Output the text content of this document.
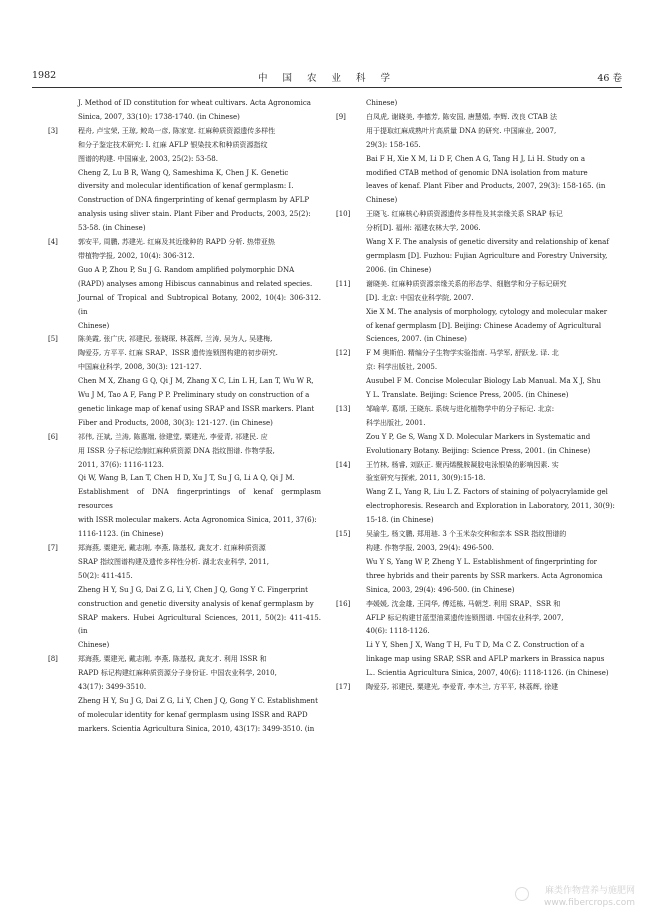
1982	中 国 农 业 科 学	46 卷
J. Method of ID constitution for wheat cultivars. Acta Agronomica
Sinica, 2007, 33(10): 1738-1740. (in Chinese)
[3]	程舟, 卢宝荣, 王琼, 鲛岛一彦, 陈家宽. 红麻种质资源遗传多样性
和分子鉴定技术研究: I. 红麻 AFLP 银染技术和种质资源指纹
图谱的构建. 中国麻业, 2003, 25(2): 53-58.
Cheng Z, Lu B R, Wang Q, Sameshima K, Chen J K. Genetic
diversity and molecular identification of kenaf germplasm: I.
Construction of DNA fingerprinting of kenaf germplasm by AFLP
analysis using sliver stain. Plant Fiber and Products, 2003, 25(2):
53-58. (in Chinese)
[4]	郭安平, 周鹏, 苏建光. 红麻及其近缘种的 RAPD 分析. 热带亚热
带植物学报, 2002, 10(4): 306-312.
Guo A P, Zhou P, Su J G. Random amplified polymorphic DNA
(RAPD) analyses among Hibiscus cannabinus and related species.
Journal of Tropical and Subtropical Botany, 2002, 10(4): 306-312. (in
Chinese)
[5]	陈美霞, 张广庆, 祁建民, 张晓琛, 林荔辉, 兰涛, 吴为人, 吴建梅,
陶爱芬, 方平平. 红麻 SRAP、ISSR 遗传连锁图构建的初步研究.
中国麻业科学, 2008, 30(3): 121-127.
Chen M X, Zhang G Q, Qi J M, Zhang X C, Lin L H, Lan T, Wu W R,
Wu J M, Tao A F, Fang P P. Preliminary study on construction of a
genetic linkage map of kenaf using SRAP and ISSR markers. Plant
Fiber and Products, 2008, 30(3): 121-127. (in Chinese)
[6]	祁伟, 汪斌, 兰涛, 陈惠端, 徐建堂, 粟建光, 李爱青, 祁建民. 应
用 ISSR 分子标记绘制红麻种质资源 DNA 指纹图谱. 作物学报,
2011, 37(6): 1116-1123.
Qi W, Wang B, Lan T, Chen H D, Xu J T, Su J G, Li A Q, Qi J M.
Establishment of DNA fingerprintings of kenaf germplasm resources
with ISSR molecular makers. Acta Agronomica Sinica, 2011, 37(6):
1116-1123. (in Chinese)
[7]	郑海燕, 粟建光, 戴志刚, 李燕, 陈基权, 龚友才. 红麻种质资源
SRAP 指纹图谱构建及遗传多样性分析. 湖北农业科学, 2011,
50(2): 411-415.
Zheng H Y, Su J G, Dai Z G, Li Y, Chen J Q, Gong Y C. Fingerprint
construction and genetic diversity analysis of kenaf germplasm by
SRAP makers. Hubei Agricultural Sciences, 2011, 50(2): 411-415. (in
Chinese)
[8]	郑海燕, 粟建光, 戴志刚, 李燕, 陈基权, 龚友才. 利用 ISSR 和
RAPD 标记构建红麻种质资源分子身份证. 中国农业科学, 2010,
43(17): 3499-3510.
Zheng H Y, Su J G, Dai Z G, Li Y, Chen J Q, Gong Y C. Establishment
of molecular identity for kenaf germplasm using ISSR and RAPD
markers. Scientia Agricultura Sinica, 2010, 43(17): 3499-3510. (in
Chinese)
[9]	白凤虎, 谢晓美, 李德芳, 陈安国, 唐慧娟, 李辉. 改良 CTAB 法
用于提取红麻成熟叶片高质量 DNA 的研究. 中国麻业, 2007,
29(3): 158-165.
Bai F H, Xie X M, Li D F, Chen A G, Tang H J, Li H. Study on a
modified CTAB method of genomic DNA isolation from mature
leaves of kenaf. Plant Fiber and Products, 2007, 29(3): 158-165. (in
Chinese)
[10] 王晓飞. 红麻核心种质资源遗传多样性及其亲缘关系 SRAP 标记
分析[D]. 福州: 福建农林大学, 2006.
Wang X F. The analysis of genetic diversity and relationship of kenaf
germplasm [D]. Fuzhou: Fujian Agriculture and Forestry University,
2006. (in Chinese)
[11] 谢晓美. 红麻种质资源亲缘关系的形态学、细胞学和分子标记研究
[D]. 北京: 中国农业科学院, 2007.
Xie X M. The analysis of morphology, cytology and molecular maker
of kenaf germplasm [D]. Beijing: Chinese Academy of Agricultural
Sciences, 2007. (in Chinese)
[12] F M 奥斯伯. 精编分子生物学实验指南. 马学军, 舒跃龙. 译. 北
京: 科学出版社, 2005.
Ausubel F M. Concise Molecular Biology Lab Manual. Ma X J, Shu
Y L. Translate. Beijing: Science Press, 2005. (in Chinese)
[13] 邹喻苹, 葛颂, 王晓东. 系统与进化植物学中的分子标记. 北京:
科学出版社, 2001.
Zou Y P, Ge S, Wang X D. Molecular Markers in Systematic and
Evolutionary Botany. Beijing: Science Press, 2001. (in Chinese)
[14] 王竹林, 杨睿, 刘跃正. 聚丙烯酰胺凝胶电泳银染的影响因素. 实
验室研究与探索, 2011, 30(9):15-18.
Wang Z L, Yang R, Liu L Z. Factors of staining of polyacrylamide gel
electrophoresis. Research and Exploration in Laboratory, 2011, 30(9):
15-18. (in Chinese)
[15] 吴渝生, 杨文鹏, 郑用琏. 3 个玉米杂交种和亲本 SSR 指纹图谱的
构建. 作物学报, 2003, 29(4): 496-500.
Wu Y S, Yang W P, Zheng Y L. Establishment of fingerprinting for
three hybrids and their parents by SSR markers. Acta Agronomica
Sinica, 2003, 29(4): 496-500. (in Chinese)
[16] 李媛媛, 沈金雄, 王同华, 傅廷栋, 马朝芝. 利用 SRAP、SSR 和
AFLP 标记构建甘蓝型油菜遗传连锁图谱. 中国农业科学, 2007,
40(6): 1118-1126.
Li Y Y, Shen J X, Wang T H, Fu T D, Ma C Z. Construction of a
linkage map using SRAP, SSR and AFLP markers in Brassica napus
L.. Scientia Agricultura Sinica, 2007, 40(6): 1118-1126. (in Chinese)
[17] 陶爱芬, 祁建民, 粟建光, 李爱青, 李木兰, 方平平, 林荔辉, 徐建
麻类作物营养与施肥网
www.fibercrops.com
